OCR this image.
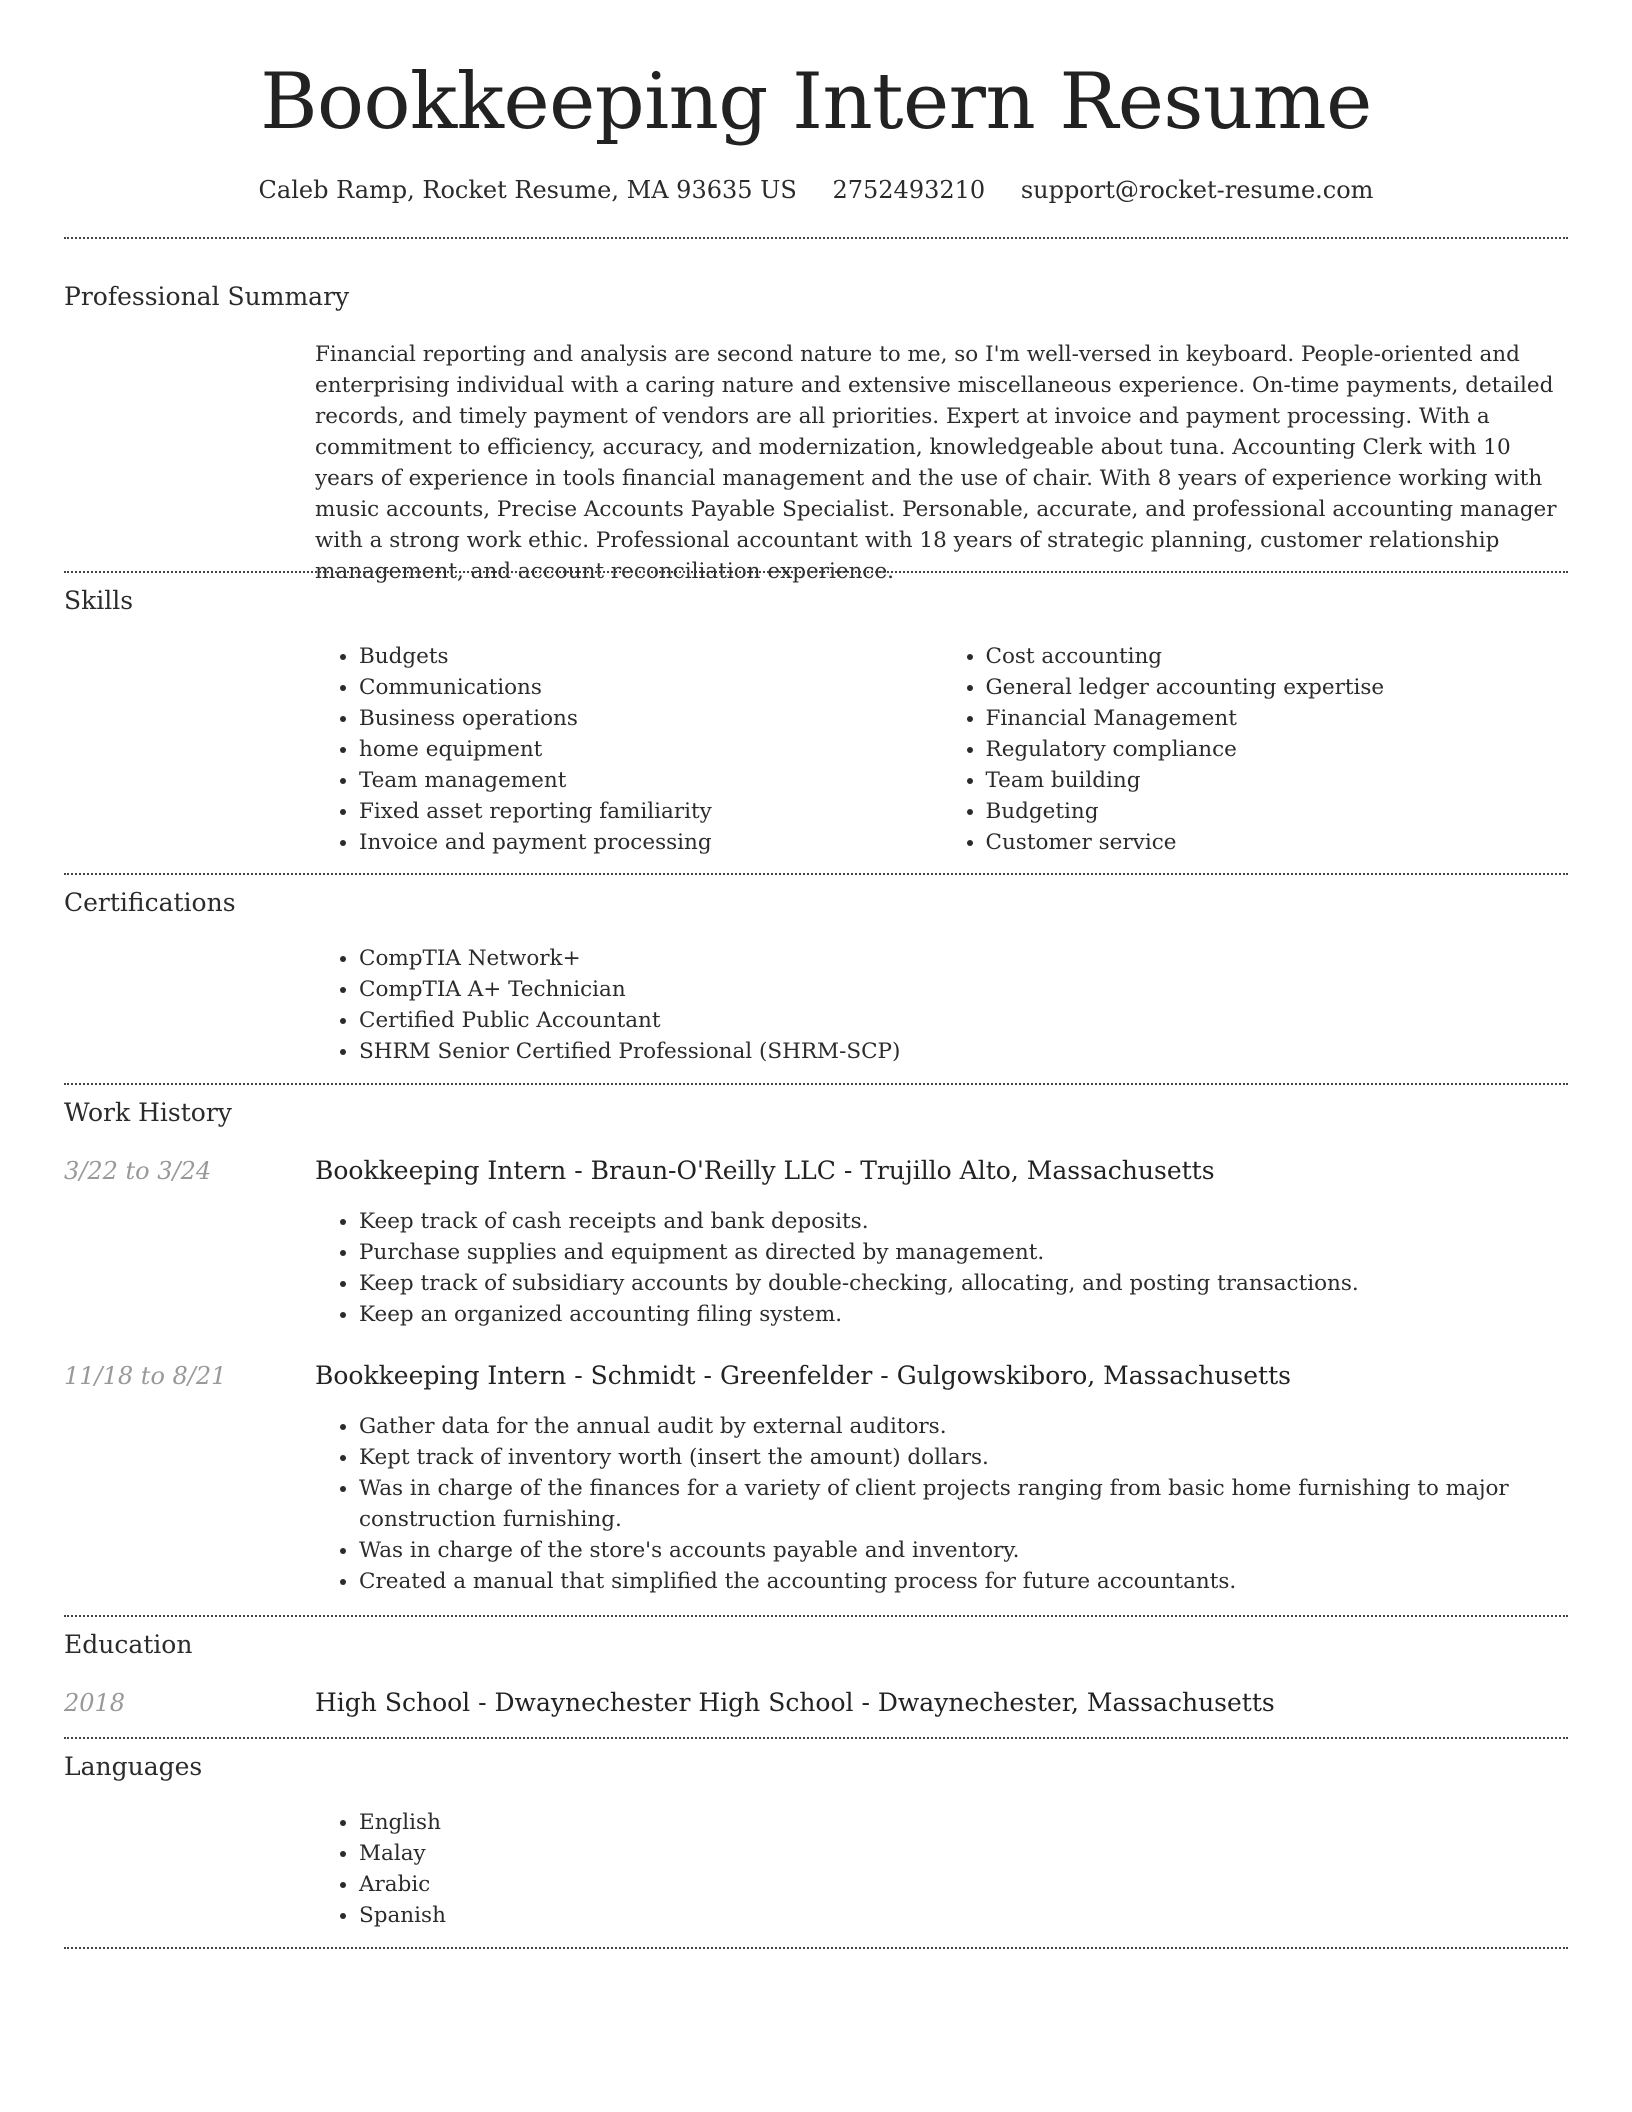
Bookkeeping Intern Resume
Caleb Ramp, Rocket Resume, MA 93635 US 2752493210 support@rocket-resume.com
Professional Summary

Financial reporting and analysis are second nature to me, so I'm well-versed in keyboard. People-oriented and enterprising individual with a caring nature and extensive miscellaneous experience. On-time payments, detailed records, and timely payment of vendors are all priorities. Expert at invoice and payment processing. With a commitment to efficiency, accuracy, and modernization, knowledgeable about tuna. Accounting Clerk with 10 years of experience in tools financial management and the use of chair. With 8 years of experience working with music accounts, Precise Accounts Payable Specialist. Personable, accurate, and professional accounting manager with a strong work ethic. Professional accountant with 18 years of strategic planning, customer relationship management, and account reconciliation experience.

Skills
• Budgets
• Communications
• Business operations
• home equipment
• Team management
• Fixed asset reporting familiarity
• Invoice and payment processing
• Cost accounting
• General ledger accounting expertise
• Financial Management
• Regulatory compliance
• Team building
• Budgeting
• Customer service
Certifications
• CompTIA Network+
• CompTIA A+ Technician
• Certified Public Accountant
• SHRM Senior Certified Professional (SHRM-SCP)
Work History
3/22 to 3/24	Bookkeeping Intern - Braun-O'Reilly LLC - Trujillo Alto, Massachusetts
• Keep track of cash receipts and bank deposits.
• Purchase supplies and equipment as directed by management.
• Keep track of subsidiary accounts by double-checking, allocating, and posting transactions.
• Keep an organized accounting filing system.
11/18 to 8/21	Bookkeeping Intern - Schmidt - Greenfelder - Gulgowskiboro, Massachusetts
• Gather data for the annual audit by external auditors.
• Kept track of inventory worth (insert the amount) dollars.
• Was in charge of the finances for a variety of client projects ranging from basic home furnishing to major construction furnishing.
• Was in charge of the store's accounts payable and inventory.
• Created a manual that simplified the accounting process for future accountants.
Education
2018	High School - Dwaynechester High School - Dwaynechester, Massachusetts
Languages
• English
• Malay
• Arabic
• Spanish
